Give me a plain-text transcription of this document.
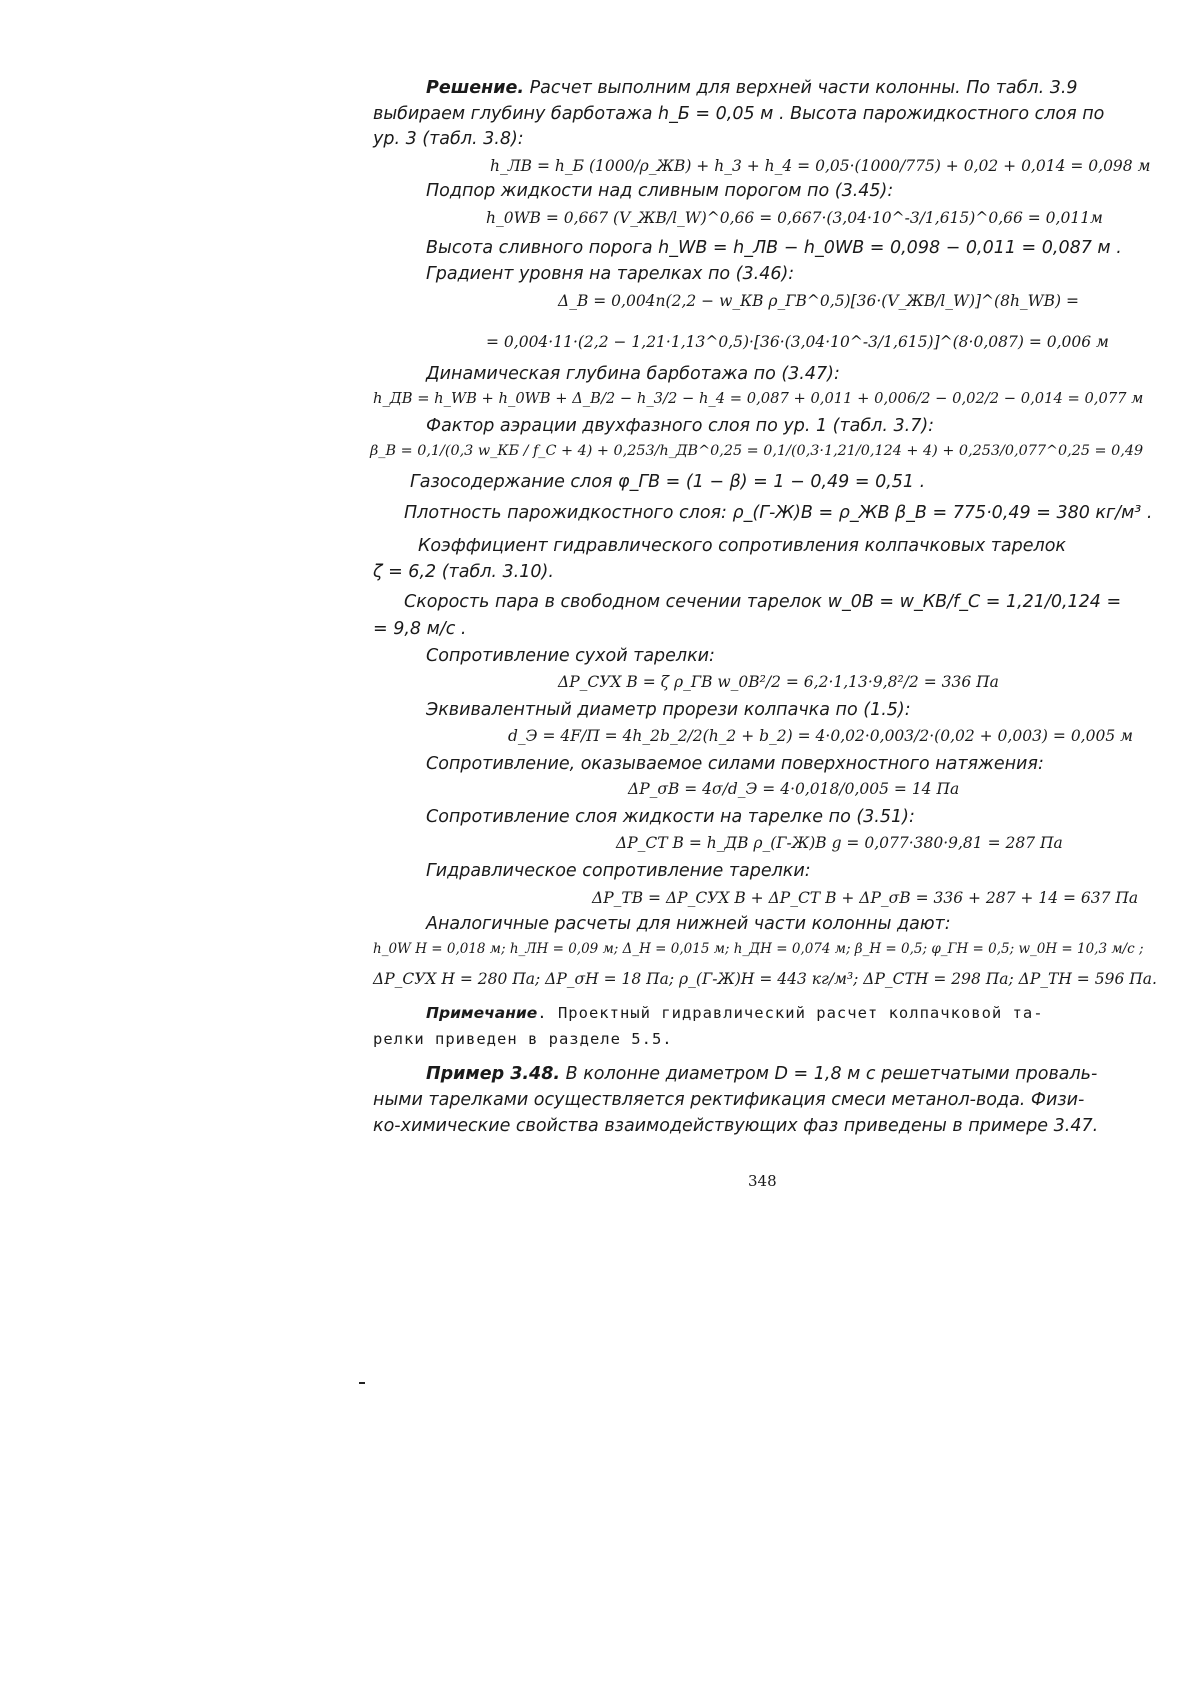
Решение. Расчет выполним для верхней части колонны. По табл. 3.9
выбираем глубину барботажа h_Б = 0,05 м . Высота парожидкостного слоя по
ур. 3 (табл. 3.8):
h_ЛВ = h_Б (1000/ρ_ЖВ) + h_3 + h_4 = 0,05·(1000/775) + 0,02 + 0,014 = 0,098 м
Подпор жидкости над сливным порогом по (3.45):
h_0WВ = 0,667 (V_ЖВ/l_W)^0,66 = 0,667·(3,04·10^-3/1,615)^0,66 = 0,011м
Высота сливного порога h_WВ = h_ЛВ − h_0WВ = 0,098 − 0,011 = 0,087 м .
Градиент уровня на тарелках по (3.46):
Δ_В = 0,004n(2,2 − w_КВ ρ_ГВ^0,5)[36·(V_ЖВ/l_W)]^(8h_WВ) =
= 0,004·11·(2,2 − 1,21·1,13^0,5)·[36·(3,04·10^-3/1,615)]^(8·0,087) = 0,006 м
Динамическая глубина барботажа по (3.47):
h_ДВ = h_WВ + h_0WВ + Δ_В/2 − h_3/2 − h_4 = 0,087 + 0,011 + 0,006/2 − 0,02/2 − 0,014 = 0,077 м
Фактор аэрации двухфазного слоя по ур. 1 (табл. 3.7):
β_В = 0,1/(0,3 w_КБ / f_C + 4) + 0,253/h_ДВ^0,25 = 0,1/(0,3·1,21/0,124 + 4) + 0,253/0,077^0,25 = 0,49
Газосодержание слоя φ_ГВ = (1 − β) = 1 − 0,49 = 0,51 .
Плотность парожидкостного слоя: ρ_(Г-Ж)В = ρ_ЖВ β_В = 775·0,49 = 380 кг/м³ .
Коэффициент гидравлического сопротивления колпачковых тарелок
ζ = 6,2 (табл. 3.10).
Скорость пара в свободном сечении тарелок w_0В = w_КВ/f_C = 1,21/0,124 =
= 9,8 м/с .
Сопротивление сухой тарелки:
ΔP_СУХ В = ζ ρ_ГВ w_0В²/2 = 6,2·1,13·9,8²/2 = 336 Па
Эквивалентный диаметр прорези колпачка по (1.5):
d_Э = 4F/П = 4h_2b_2/2(h_2 + b_2) = 4·0,02·0,003/2·(0,02 + 0,003) = 0,005 м
Сопротивление, оказываемое силами поверхностного натяжения:
ΔP_σВ = 4σ/d_Э = 4·0,018/0,005 = 14 Па
Сопротивление слоя жидкости на тарелке по (3.51):
ΔP_СТ В = h_ДВ ρ_(Г-Ж)В g = 0,077·380·9,81 = 287 Па
Гидравлическое сопротивление тарелки:
ΔP_ТВ = ΔP_СУХ В + ΔP_СТ В + ΔP_σВ = 336 + 287 + 14 = 637 Па
Аналогичные расчеты для нижней части колонны дают:
h_0W Н = 0,018 м; h_ЛН = 0,09 м; Δ_Н = 0,015 м; h_ДН = 0,074 м; β_Н = 0,5; φ_ГН = 0,5; w_0Н = 10,3 м/с ;
ΔP_СУХ Н = 280 Па; ΔP_σН = 18 Па; ρ_(Г-Ж)Н = 443 кг/м³; ΔP_СТН = 298 Па; ΔP_ТН = 596 Па.
Примечание. Проектный гидравлический расчет колпачковой та-
релки приведен в разделе 5.5.
Пример 3.48. В колонне диаметром D = 1,8 м с решетчатыми проваль-
ными тарелками осуществляется ректификация смеси метанол-вода. Физи-
ко-химические свойства взаимодействующих фаз приведены в примере 3.47.
348
